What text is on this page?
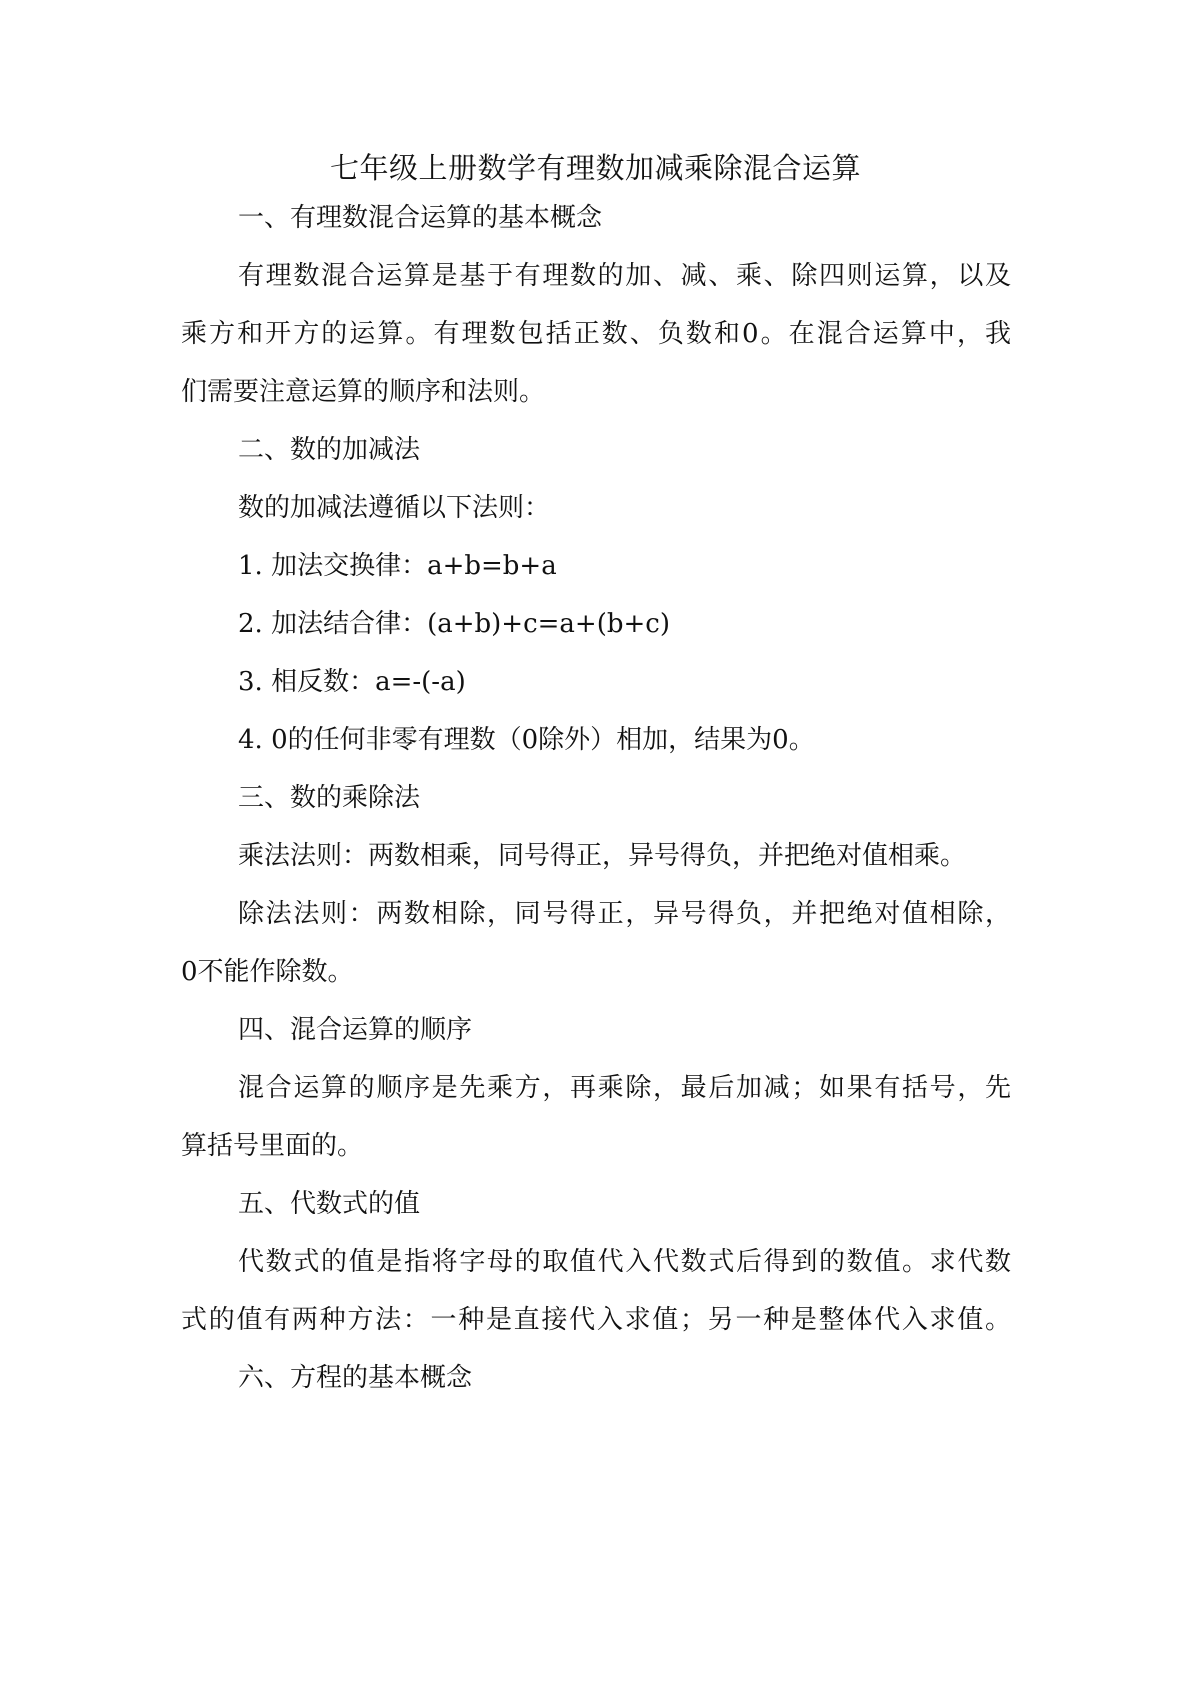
七年级上册数学有理数加减乘除混合运算
一、有理数混合运算的基本概念
有理数混合运算是基于有理数的加、减、乘、除四则运算，以及
乘方和开方的运算。有理数包括正数、负数和0。在混合运算中，我
们需要注意运算的顺序和法则。
二、数的加减法
数的加减法遵循以下法则：
1. 加法交换律：a+b=b+a
2. 加法结合律：(a+b)+c=a+(b+c)
3. 相反数：a=-(-a)
4. 0的任何非零有理数（0除外）相加，结果为0。
三、数的乘除法
乘法法则：两数相乘，同号得正，异号得负，并把绝对值相乘。
除法法则：两数相除，同号得正，异号得负，并把绝对值相除，
0不能作除数。
四、混合运算的顺序
混合运算的顺序是先乘方，再乘除，最后加减；如果有括号，先
算括号里面的。
五、代数式的值
代数式的值是指将字母的取值代入代数式后得到的数值。求代数
式的值有两种方法：一种是直接代入求值；另一种是整体代入求值。
六、方程的基本概念
